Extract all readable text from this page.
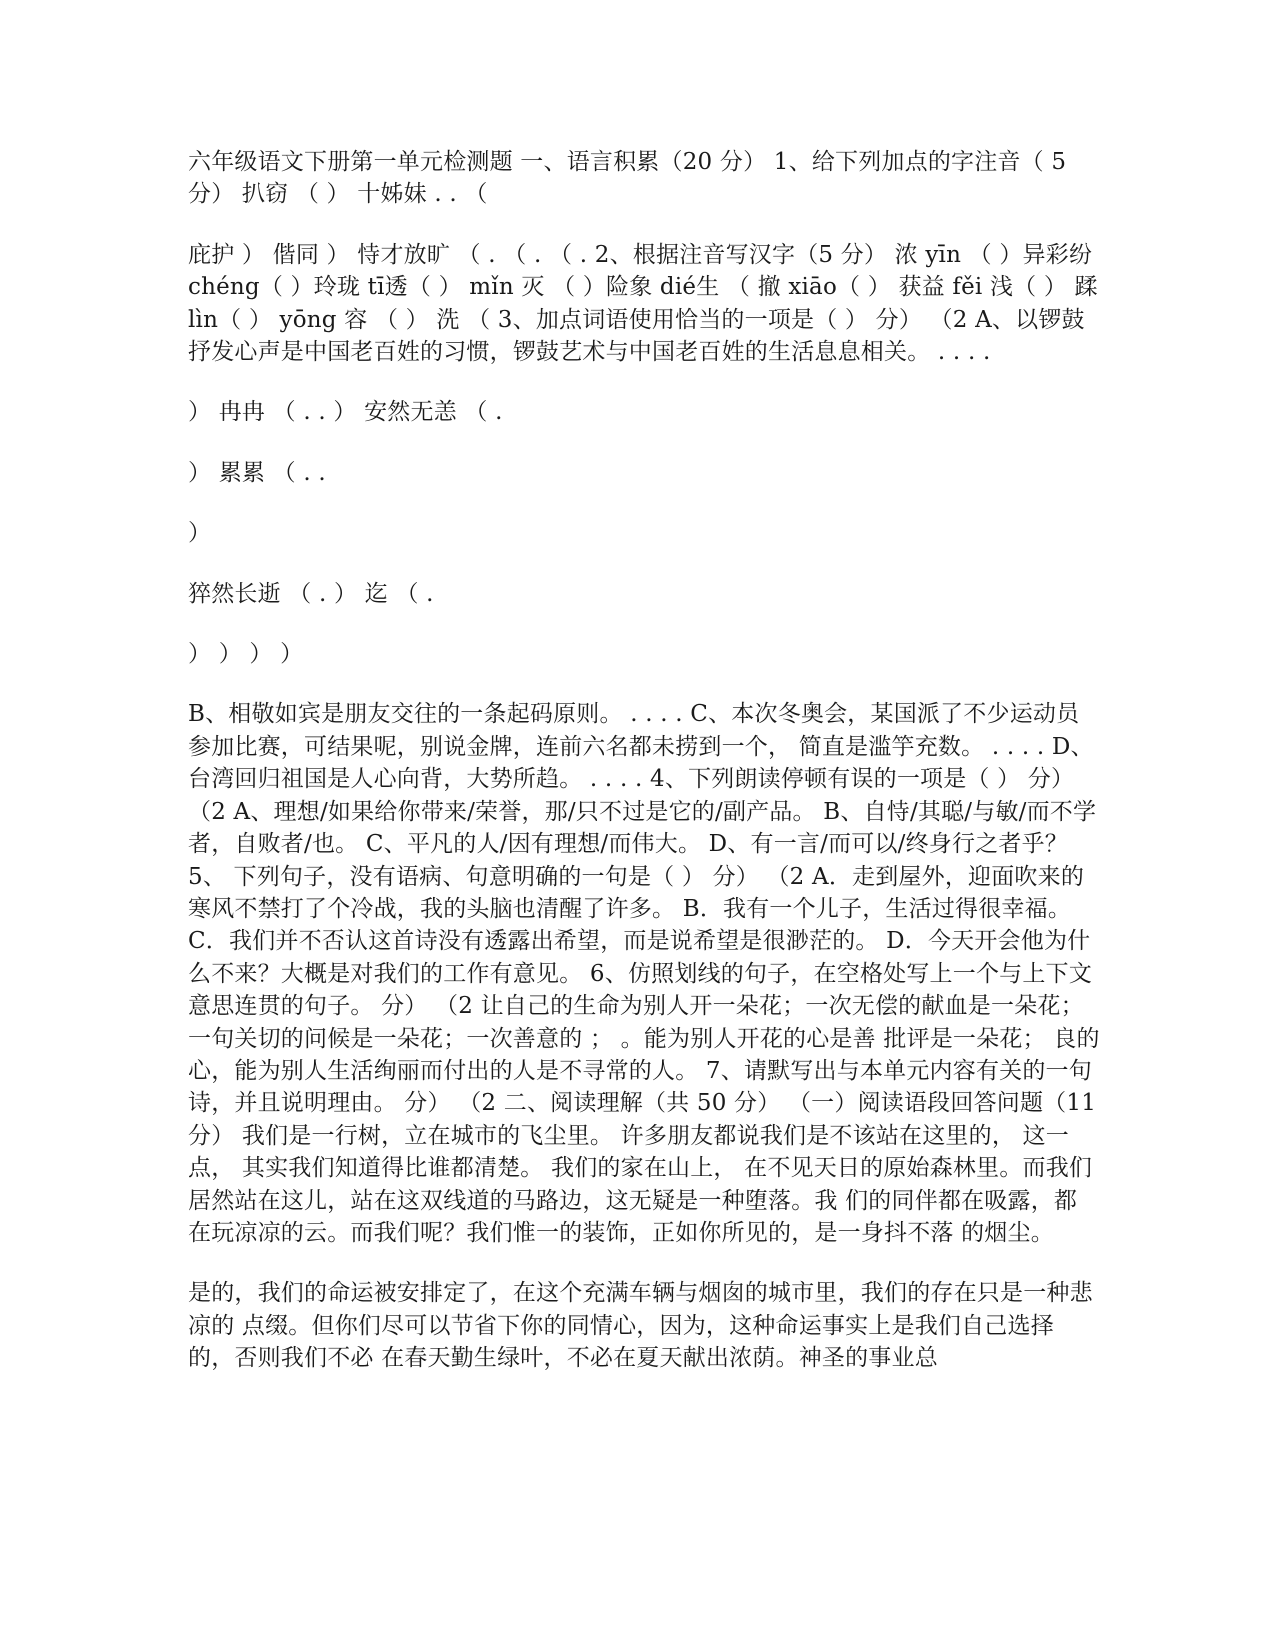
六年级语文下册第一单元检测题 一、语言积累（20 分） 1、给下列加点的字注音（ 5 分） 扒窃 （ ） 十姊妹 . . （

庇护 ） 偕同 ） 恃才放旷 （ . （ . （ . 2、根据注音写汉字（5 分） 浓 yīn （ ）异彩纷 chéng（ ）玲珑 tī透（ ） mǐn 灭 （ ）险象 dié生 （ 撤 xiāo（ ） 获益 fěi 浅（ ） 蹂 lìn（ ） yōng 容 （ ） 洗 （ 3、加点词语使用恰当的一项是（ ） 分） （2 A、以锣鼓抒发心声是中国老百姓的习惯，锣鼓艺术与中国老百姓的生活息息相关。 . . . .

） 冉冉 （ . . ） 安然无恙 （ .

） 累累 （ . .

）

猝然长逝 （ . ） 迄 （ .

） ） ） ）

B、相敬如宾是朋友交往的一条起码原则。 . . . . C、本次冬奥会，某国派了不少运动员参加比赛，可结果呢，别说金牌，连前六名都未捞到一个， 简直是滥竽充数。 . . . . D、台湾回归祖国是人心向背，大势所趋。 . . . . 4、下列朗读停顿有误的一项是（ ） 分） （2 A、理想/如果给你带来/荣誉，那/只不过是它的/副产品。 B、自恃/其聪/与敏/而不学者，自败者/也。 C、平凡的人/因有理想/而伟大。 D、有一言/而可以/终身行之者乎？ 5、 下列句子，没有语病、句意明确的一句是（ ） 分） （2 A．走到屋外，迎面吹来的寒风不禁打了个冷战，我的头脑也清醒了许多。 B．我有一个儿子，生活过得很幸福。 C．我们并不否认这首诗没有透露出希望，而是说希望是很渺茫的。 D．今天开会他为什么不来？大概是对我们的工作有意见。 6、仿照划线的句子，在空格处写上一个与上下文意思连贯的句子。 分） （2 让自己的生命为别人开一朵花；一次无偿的献血是一朵花；一句关切的问候是一朵花；一次善意的 ； 。能为别人开花的心是善 批评是一朵花； 良的心，能为别人生活绚丽而付出的人是不寻常的人。 7、请默写出与本单元内容有关的一句诗，并且说明理由。 分） （2 二、阅读理解（共 50 分） （一）阅读语段回答问题（11 分） 我们是一行树，立在城市的飞尘里。 许多朋友都说我们是不该站在这里的， 这一点， 其实我们知道得比谁都清楚。 我们的家在山上， 在不见天日的原始森林里。而我们居然站在这儿，站在这双线道的马路边，这无疑是一种堕落。我 们的同伴都在吸露，都在玩凉凉的云。而我们呢？我们惟一的装饰，正如你所见的，是一身抖不落 的烟尘。

是的，我们的命运被安排定了，在这个充满车辆与烟囱的城市里，我们的存在只是一种悲凉的 点缀。但你们尽可以节省下你的同情心，因为，这种命运事实上是我们自己选择的，否则我们不必 在春天勤生绿叶，不必在夏天献出浓荫。神圣的事业总
